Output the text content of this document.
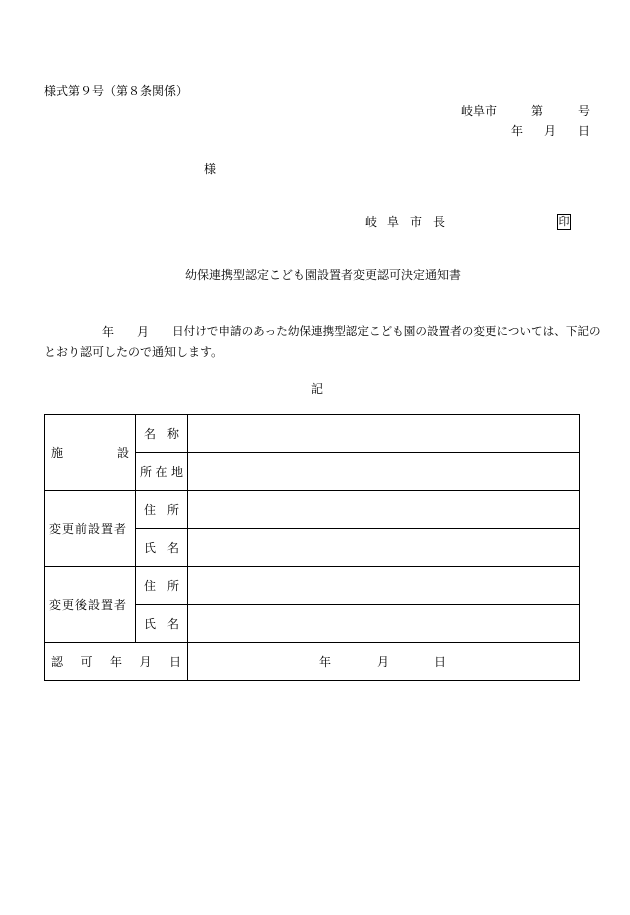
様式第９号（第８条関係）
岐阜市	第	号
年 月 日
様
岐 阜 市 長	印
幼保連携型認定こども園設置者変更認可決定通知書
年 月 日付けで申請のあった幼保連携型認定こども園の設置者の変更については、下記の
とおり認可したので通知します。
記
施 設	名 称	

	所 在 地	

変更前設置者	住 所	

	氏 名	

変更後設置者	住 所	

	氏 名	

認 可 年 月 日		年 月 日
